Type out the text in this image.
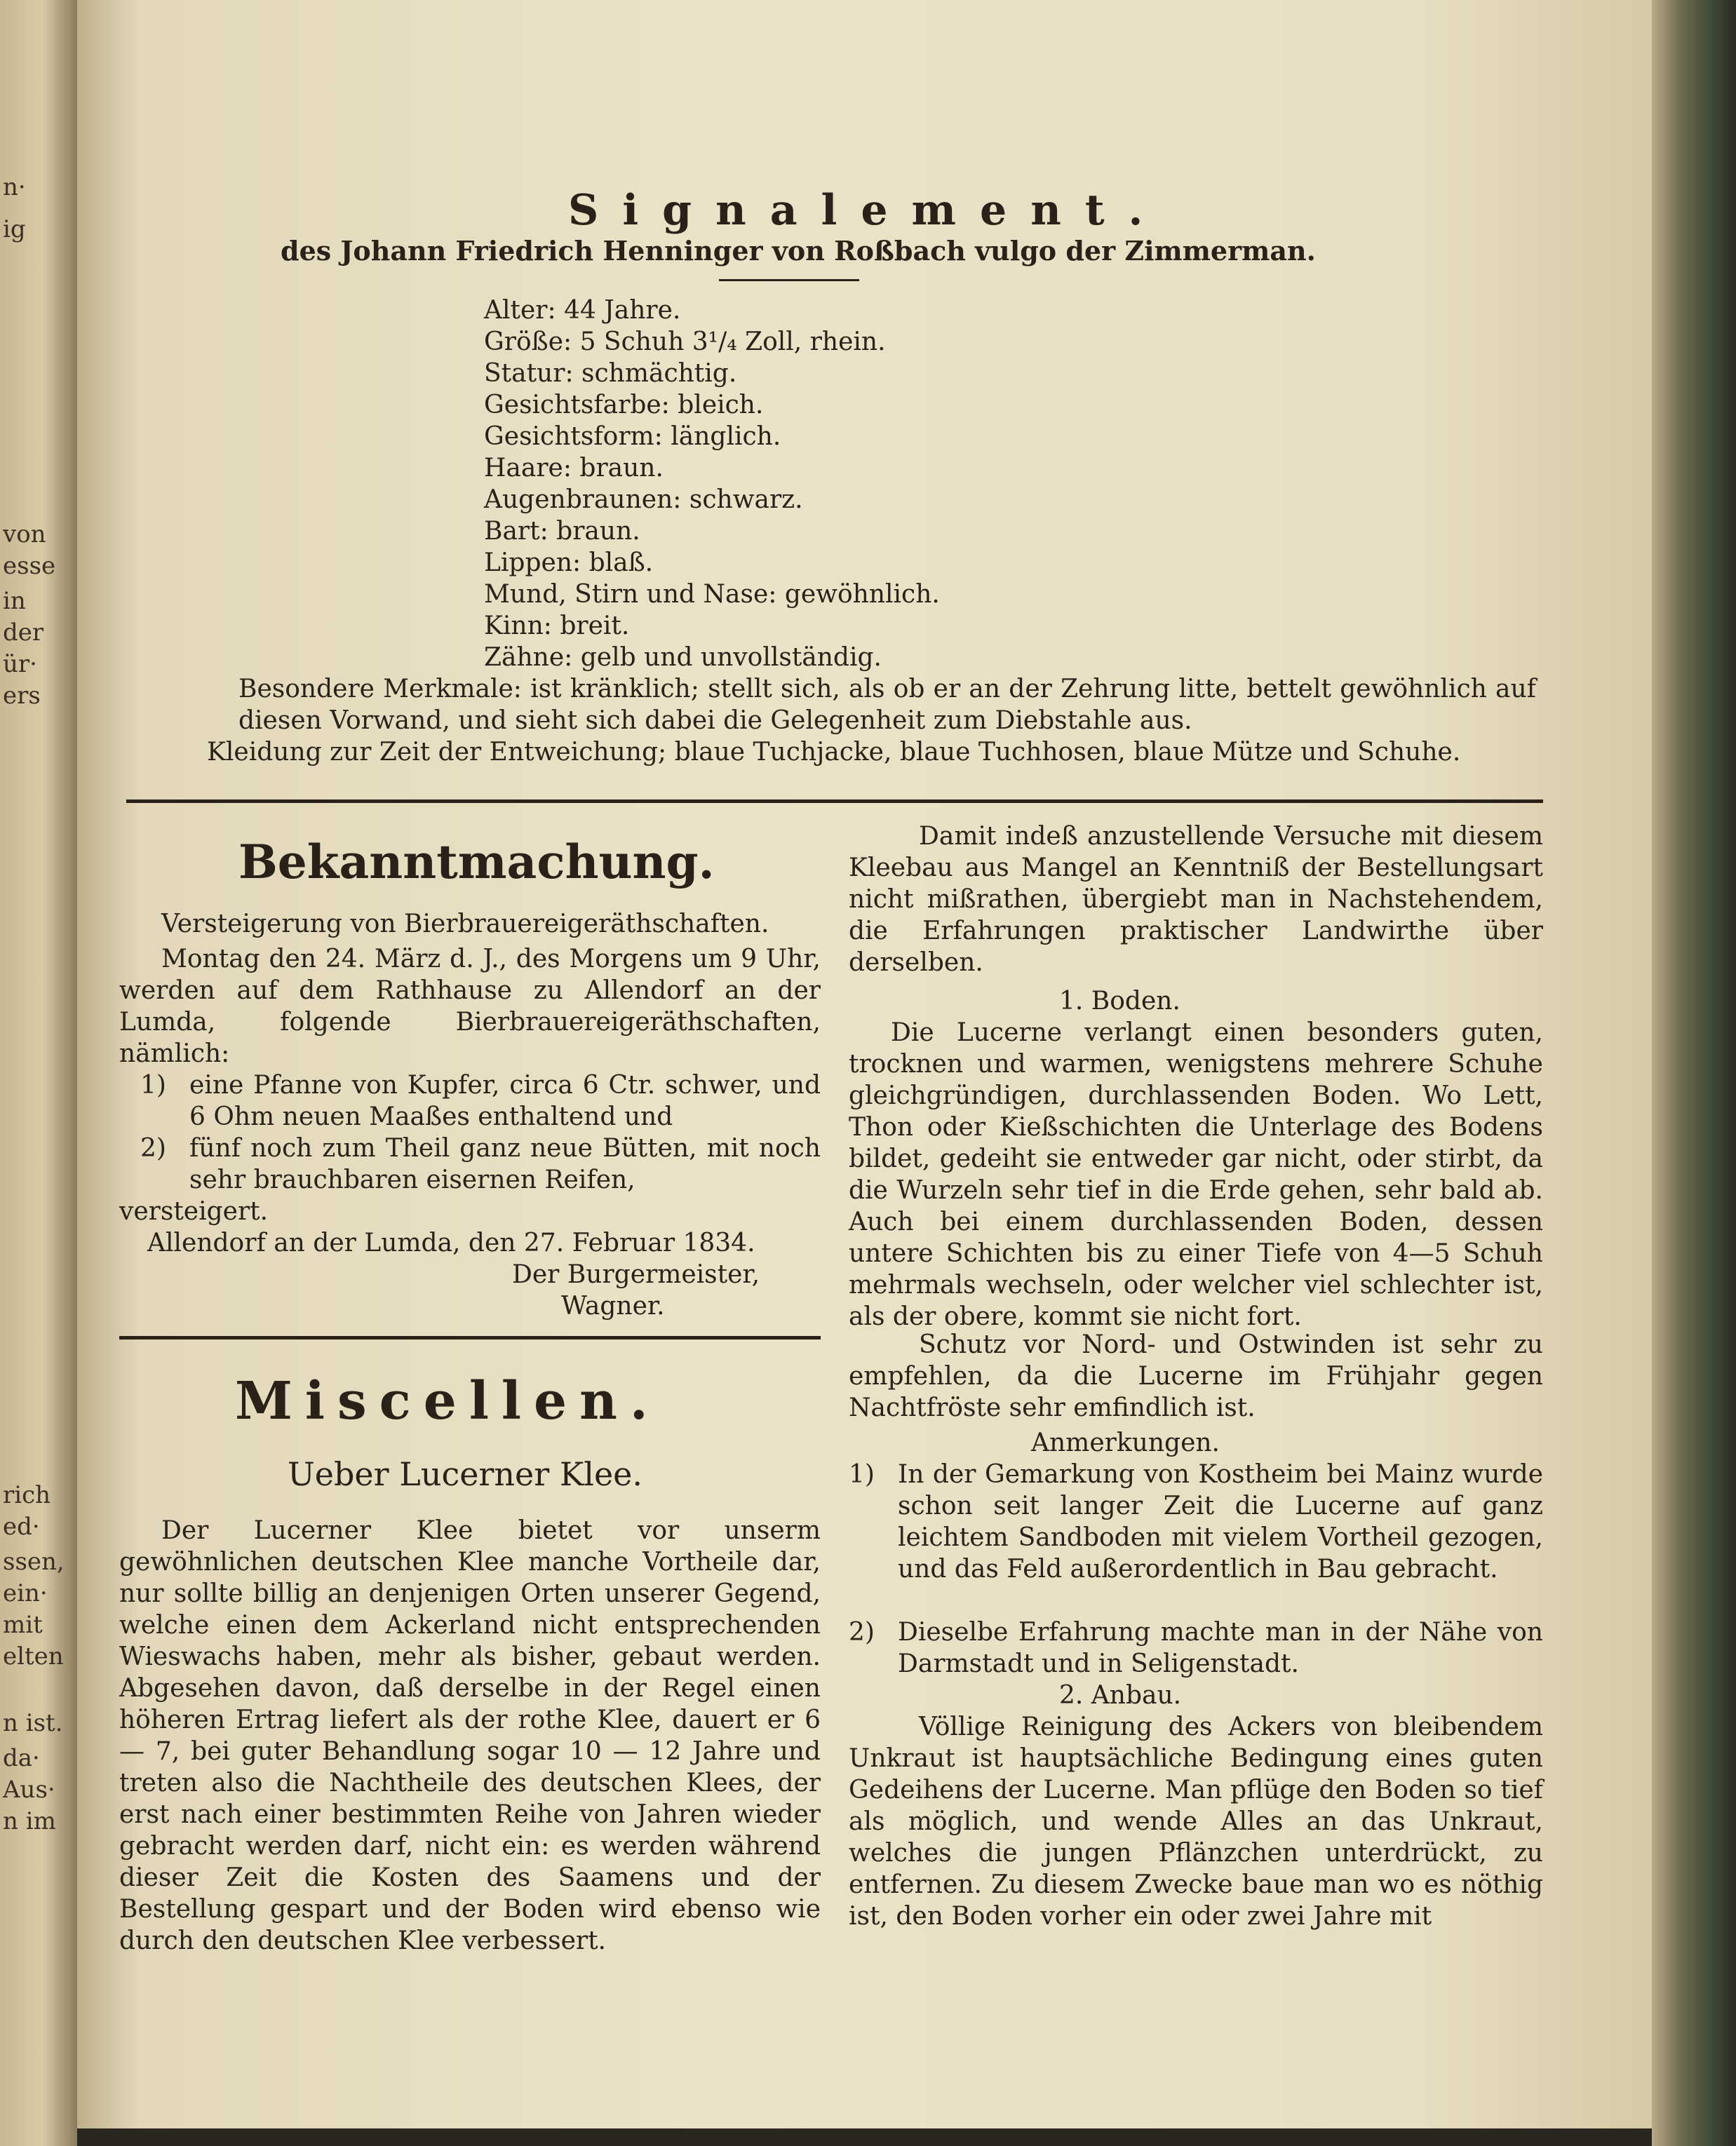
n·
ig
von
esse
in
der
ür·
ers
rich
ed·
ssen,
ein·
mit
elten
n ist.
da·
Aus·
n im
Signalement.
des Johann Friedrich Henninger von Roßbach vulgo der Zimmerman.
Alter: 44 Jahre.
Größe: 5 Schuh 3¹/₄ Zoll, rhein.
Statur: schmächtig.
Gesichtsfarbe: bleich.
Gesichtsform: länglich.
Haare: braun.
Augenbraunen: schwarz.
Bart: braun.
Lippen: blaß.
Mund, Stirn und Nase: gewöhnlich.
Kinn: breit.
Zähne: gelb und unvollständig.
Besondere Merkmale: ist kränklich; stellt sich, als ob er an der Zehrung litte, bettelt gewöhnlich auf diesen Vorwand, und sieht sich dabei die Gelegenheit zum Diebstahle aus.
Kleidung zur Zeit der Entweichung; blaue Tuchjacke, blaue Tuchhosen, blaue Mütze und Schuhe.
Bekanntmachung.
Versteigerung von Bierbrauereigeräthschaften.
Montag den 24. März d. J., des Morgens um 9 Uhr, werden auf dem Rathhause zu Allendorf an der Lumda, folgende Bierbrauereigeräthschaften, nämlich:
1) eine Pfanne von Kupfer, circa 6 Ctr. schwer, und 6 Ohm neuen Maaßes enthaltend und
2) fünf noch zum Theil ganz neue Bütten, mit noch sehr brauchbaren eisernen Reifen,
versteigert.
Allendorf an der Lumda, den 27. Februar 1834.
Der Burgermeister,
Wagner.
Miscellen.
Ueber Lucerner Klee.
Der Lucerner Klee bietet vor unserm gewöhnlichen deutschen Klee manche Vortheile dar, nur sollte billig an denjenigen Orten unserer Gegend, welche einen dem Ackerland nicht entsprechenden Wieswachs haben, mehr als bisher, gebaut werden. Abgesehen davon, daß derselbe in der Regel einen höheren Ertrag liefert als der rothe Klee, dauert er 6 — 7, bei guter Behandlung sogar 10 — 12 Jahre und treten also die Nachtheile des deutschen Klees, der erst nach einer bestimmten Reihe von Jahren wieder gebracht werden darf, nicht ein: es werden während dieser Zeit die Kosten des Saamens und der Bestellung gespart und der Boden wird ebenso wie durch den deutschen Klee verbessert.
Damit indeß anzustellende Versuche mit diesem Kleebau aus Mangel an Kenntniß der Bestellungsart nicht mißrathen, übergiebt man in Nachstehendem, die Erfahrungen praktischer Landwirthe über derselben.
1. Boden.
Die Lucerne verlangt einen besonders guten, trocknen und warmen, wenigstens mehrere Schuhe gleichgründigen, durchlassenden Boden. Wo Lett, Thon oder Kießschichten die Unterlage des Bodens bildet, gedeiht sie entweder gar nicht, oder stirbt, da die Wurzeln sehr tief in die Erde gehen, sehr bald ab. Auch bei einem durchlassenden Boden, dessen untere Schichten bis zu einer Tiefe von 4—5 Schuh mehrmals wechseln, oder welcher viel schlechter ist, als der obere, kommt sie nicht fort.
Schutz vor Nord- und Ostwinden ist sehr zu empfehlen, da die Lucerne im Frühjahr gegen Nachtfröste sehr emfindlich ist.
Anmerkungen.
1) In der Gemarkung von Kostheim bei Mainz wurde schon seit langer Zeit die Lucerne auf ganz leichtem Sandboden mit vielem Vortheil gezogen, und das Feld außerordentlich in Bau gebracht.
2) Dieselbe Erfahrung machte man in der Nähe von Darmstadt und in Seligenstadt.
2. Anbau.
Völlige Reinigung des Ackers von bleibendem Unkraut ist hauptsächliche Bedingung eines guten Gedeihens der Lucerne. Man pflüge den Boden so tief als möglich, und wende Alles an das Unkraut, welches die jungen Pflänzchen unterdrückt, zu entfernen. Zu diesem Zwecke baue man wo es nöthig ist, den Boden vorher ein oder zwei Jahre mit
